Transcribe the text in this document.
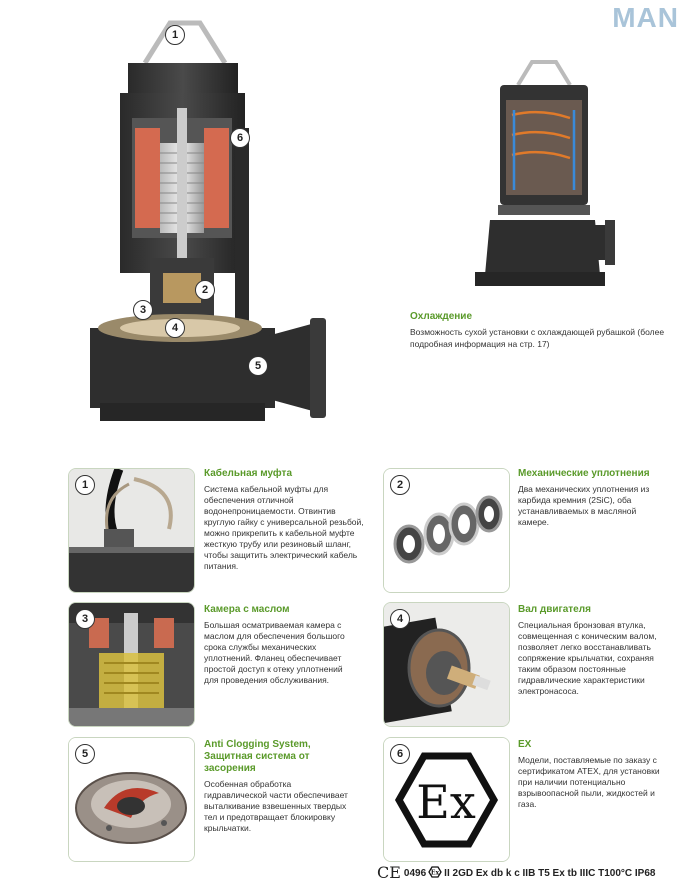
MAN
1
6
2
3
4
5
Охлаждение
Возможность сухой установки с охлаждающей рубашкой (более подробная информация на стр. 17)
1
Кабельная муфта
Система кабельной муфты для обеспечения отличной водонепроницаемости. Отвинтив круглую гайку с универсальной резьбой, можно прикрепить к кабельной муфте жесткую трубу или резиновый шланг, чтобы защитить электрический кабель питания.
2
Механические уплотнения
Два механических уплотнения из карбида кремния (2SiC), оба устанавливаемых в масляной камере.
3
Камера с маслом
Большая осматриваемая камера с маслом для обеспечения большого срока службы механических уплотнений. Фланец обеспечивает простой доступ к отеку уплотнений для проведения обслуживания.
4
Вал двигателя
Специальная бронзовая втулка, совмещенная с коническим валом, позволяет легко восстанавливать сопряжение крыльчатки, сохраняя таким образом постоянные гидравлические характеристики электронасоса.
5
Anti Clogging System, Защитная система от засорения
Особенная обработка гидравлической части обеспечивает выталкивание взвешенных твердых тел и предотвращает блокировку крыльчатки.	Ex
6
EX
Модели, поставляемые по заказу с сертификатом ATEX, для установки при наличии потенциально взрывоопасной пыли, жидкостей и газа.
CE 0496 Ex II 2GD Ex db k c IIB T5 Ex tb IIIC T100°C IP68
